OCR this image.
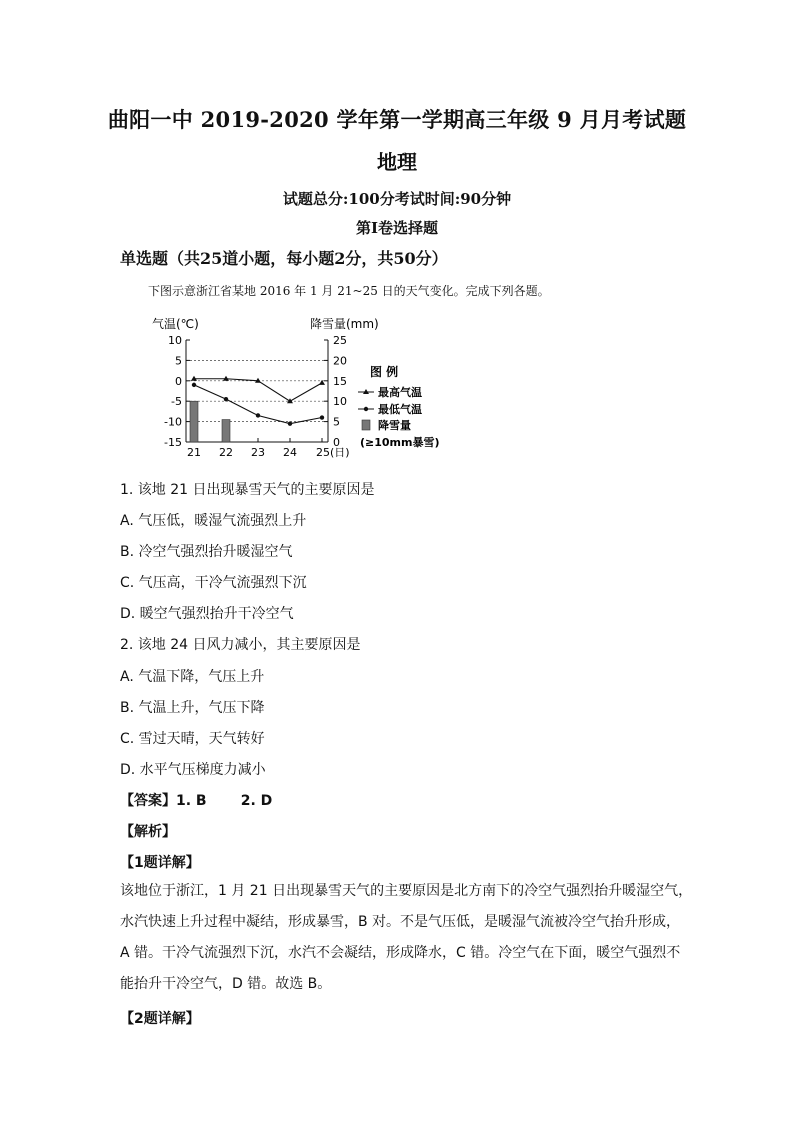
曲阳一中 2019-2020 学年第一学期高三年级 9 月月考试题
地理
试题总分:100分考试时间:90分钟
第Ⅰ卷选择题
单选题（共25道小题，每小题2分，共50分）
下图示意浙江省某地 2016 年 1 月 21~25 日的天气变化。完成下列各题。
气温(℃)	降雪量(mm)
10
5
0
-5
-10
-15
25
20
15
10
5
0
21 22 23 24 25(日)
图 例
最高气温
最低气温
降雪量
(≥10mm暴雪)
1. 该地 21 日出现暴雪天气的主要原因是
A. 气压低，暖湿气流强烈上升
B. 冷空气强烈抬升暖湿空气
C. 气压高，干冷气流强烈下沉
D. 暖空气强烈抬升干冷空气
2. 该地 24 日风力减小，其主要原因是
A. 气温下降，气压上升
B. 气温上升，气压下降
C. 雪过天晴，天气转好
D. 水平气压梯度力减小
【答案】1. B       2. D
【解析】
【1题详解】
该地位于浙江，1 月 21 日出现暴雪天气的主要原因是北方南下的冷空气强烈抬升暖湿空气，
水汽快速上升过程中凝结，形成暴雪，B 对。不是气压低，是暖湿气流被冷空气抬升形成，
A 错。干冷气流强烈下沉，水汽不会凝结，形成降水，C 错。冷空气在下面，暖空气强烈不
能抬升干冷空气，D 错。故选 B。
【2题详解】
